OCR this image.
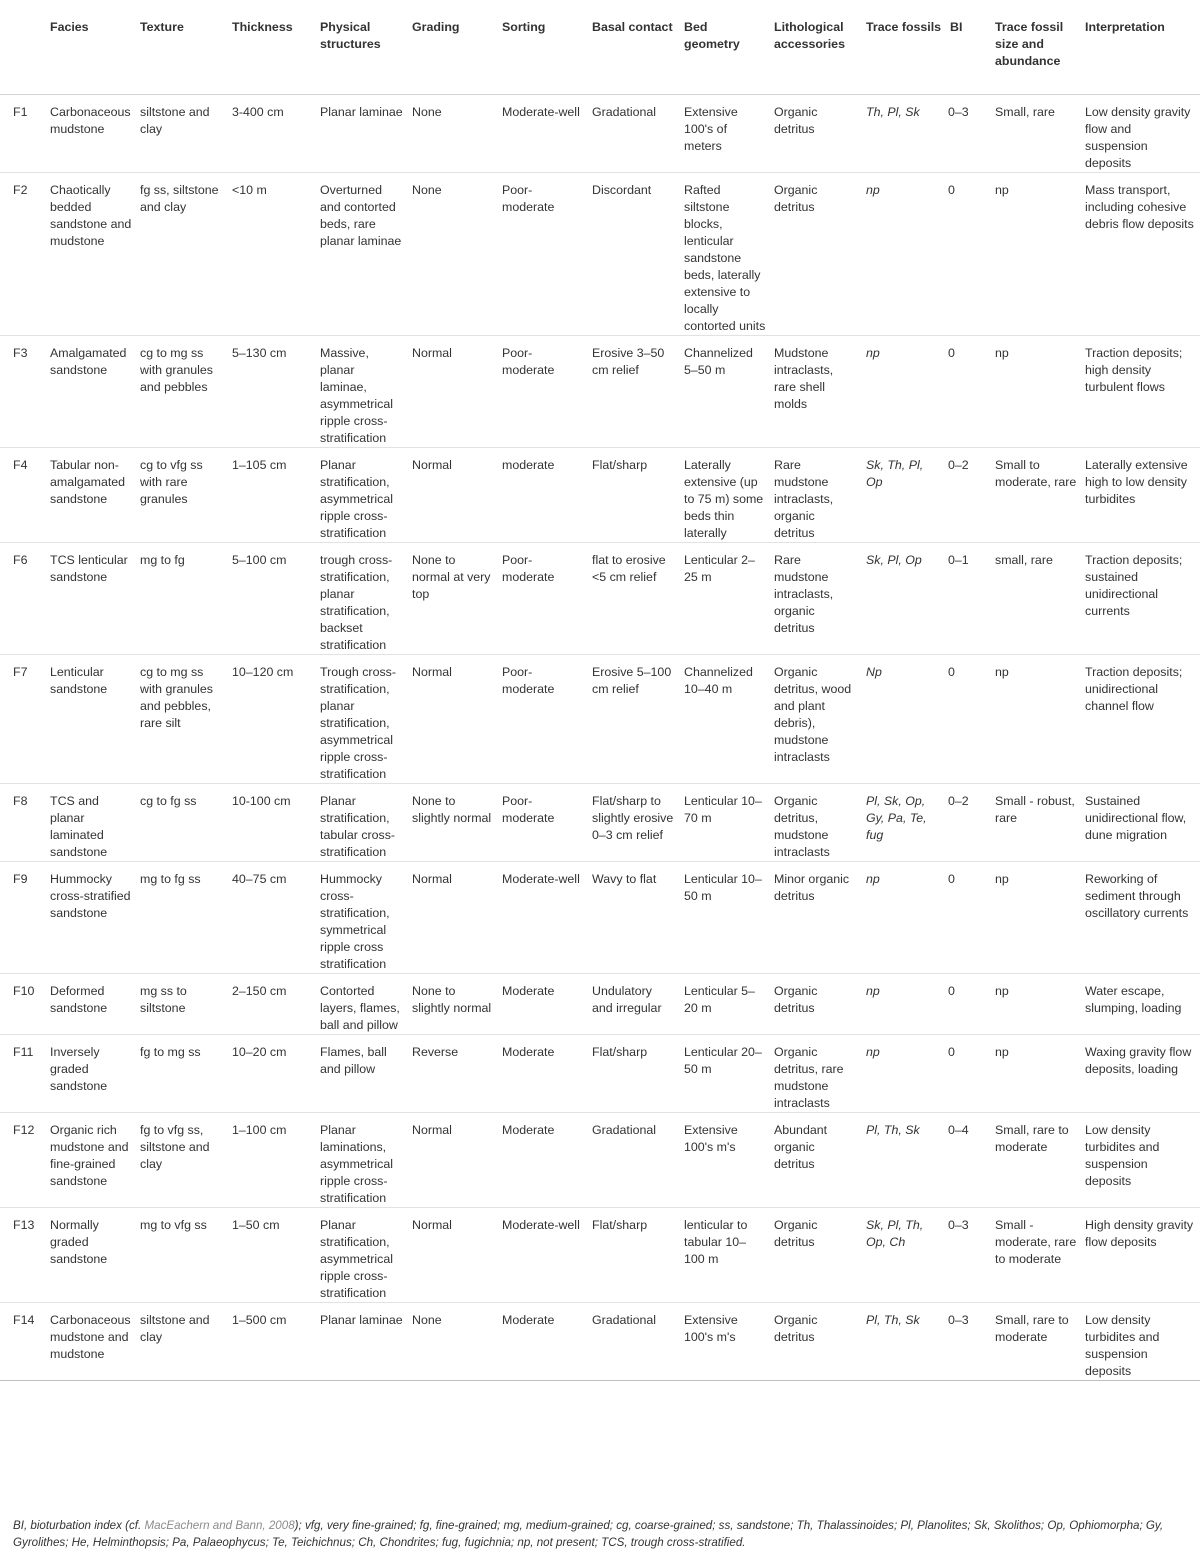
	Facies	Texture	Thickness	Physical structures	Grading	Sorting	Basal contact	Bed geometry	Lithological accessories	Trace fossils	BI	Trace fossil size and abundance	Interpretation
F1	Carbonaceous mudstone	siltstone and clay	3-400 cm	Planar laminae	None	Moderate-well	Gradational	Extensive 100's of meters	Organic detritus	Th, Pl, Sk	0–3	Small, rare	Low density gravity flow and suspension deposits
F2	Chaotically bedded sandstone and mudstone	fg ss, siltstone and clay	<10 m	Overturned and contorted beds, rare planar laminae	None	Poor-moderate	Discordant	Rafted siltstone blocks, lenticular sandstone beds, laterally extensive to locally contorted units	Organic detritus	np	0	np	Mass transport, including cohesive debris flow deposits
F3	Amalgamated sandstone	cg to mg ss with granules and pebbles	5–130 cm	Massive, planar laminae, asymmetrical ripple cross-stratification	Normal	Poor-moderate	Erosive 3–50 cm relief	Channelized 5–50 m	Mudstone intraclasts, rare shell molds	np	0	np	Traction deposits; high density turbulent flows
F4	Tabular non-amalgamated sandstone	cg to vfg ss with rare granules	1–105 cm	Planar stratification, asymmetrical ripple cross-stratification	Normal	moderate	Flat/sharp	Laterally extensive (up to 75 m) some beds thin laterally	Rare mudstone intraclasts, organic detritus	Sk, Th, Pl, Op	0–2	Small to moderate, rare	Laterally extensive high to low density turbidites
F6	TCS lenticular sandstone	mg to fg	5–100 cm	trough cross-stratification, planar stratification, backset stratification	None to normal at very top	Poor-moderate	flat to erosive <5 cm relief	Lenticular 2–25 m	Rare mudstone intraclasts, organic detritus	Sk, Pl, Op	0–1	small, rare	Traction deposits; sustained unidirectional currents
F7	Lenticular sandstone	cg to mg ss with granules and pebbles, rare silt	10–120 cm	Trough cross-stratification, planar stratification, asymmetrical ripple cross-stratification	Normal	Poor-moderate	Erosive 5–100 cm relief	Channelized 10–40 m	Organic detritus, wood and plant debris), mudstone intraclasts	Np	0	np	Traction deposits; unidirectional channel flow
F8	TCS and planar laminated sandstone	cg to fg ss	10-100 cm	Planar stratification, tabular cross-stratification	None to slightly normal	Poor-moderate	Flat/sharp to slightly erosive 0–3 cm relief	Lenticular 10–70 m	Organic detritus, mudstone intraclasts	Pl, Sk, Op, Gy, Pa, Te, fug	0–2	Small - robust, rare	Sustained unidirectional flow, dune migration
F9	Hummocky cross-stratified sandstone	mg to fg ss	40–75 cm	Hummocky cross-stratification, symmetrical ripple cross stratification	Normal	Moderate-well	Wavy to flat	Lenticular 10–50 m	Minor organic detritus	np	0	np	Reworking of sediment through oscillatory currents
F10	Deformed sandstone	mg ss to siltstone	2–150 cm	Contorted layers, flames, ball and pillow	None to slightly normal	Moderate	Undulatory and irregular	Lenticular 5–20 m	Organic detritus	np	0	np	Water escape, slumping, loading
F11	Inversely graded sandstone	fg to mg ss	10–20 cm	Flames, ball and pillow	Reverse	Moderate	Flat/sharp	Lenticular 20–50 m	Organic detritus, rare mudstone intraclasts	np	0	np	Waxing gravity flow deposits, loading
F12	Organic rich mudstone and fine-grained sandstone	fg to vfg ss, siltstone and clay	1–100 cm	Planar laminations, asymmetrical ripple cross-stratification	Normal	Moderate	Gradational	Extensive 100's m's	Abundant organic detritus	Pl, Th, Sk	0–4	Small, rare to moderate	Low density turbidites and suspension deposits
F13	Normally graded sandstone	mg to vfg ss	1–50 cm	Planar stratification, asymmetrical ripple cross-stratification	Normal	Moderate-well	Flat/sharp	lenticular to tabular 10–100 m	Organic detritus	Sk, Pl, Th, Op, Ch	0–3	Small - moderate, rare to moderate	High density gravity flow deposits
F14	Carbonaceous mudstone and mudstone	siltstone and clay	1–500 cm	Planar laminae	None	Moderate	Gradational	Extensive 100's m's	Organic detritus	Pl, Th, Sk	0–3	Small, rare to moderate	Low density turbidites and suspension deposits
BI, bioturbation index (cf. MacEachern and Bann, 2008); vfg, very fine-grained; fg, fine-grained; mg, medium-grained; cg, coarse-grained; ss, sandstone; Th, Thalassinoides; Pl, Planolites; Sk, Skolithos; Op, Ophiomorpha; Gy, Gyrolithes; He, Helminthopsis; Pa, Palaeophycus; Te, Teichichnus; Ch, Chondrites; fug, fugichnia; np, not present; TCS, trough cross-stratified.
